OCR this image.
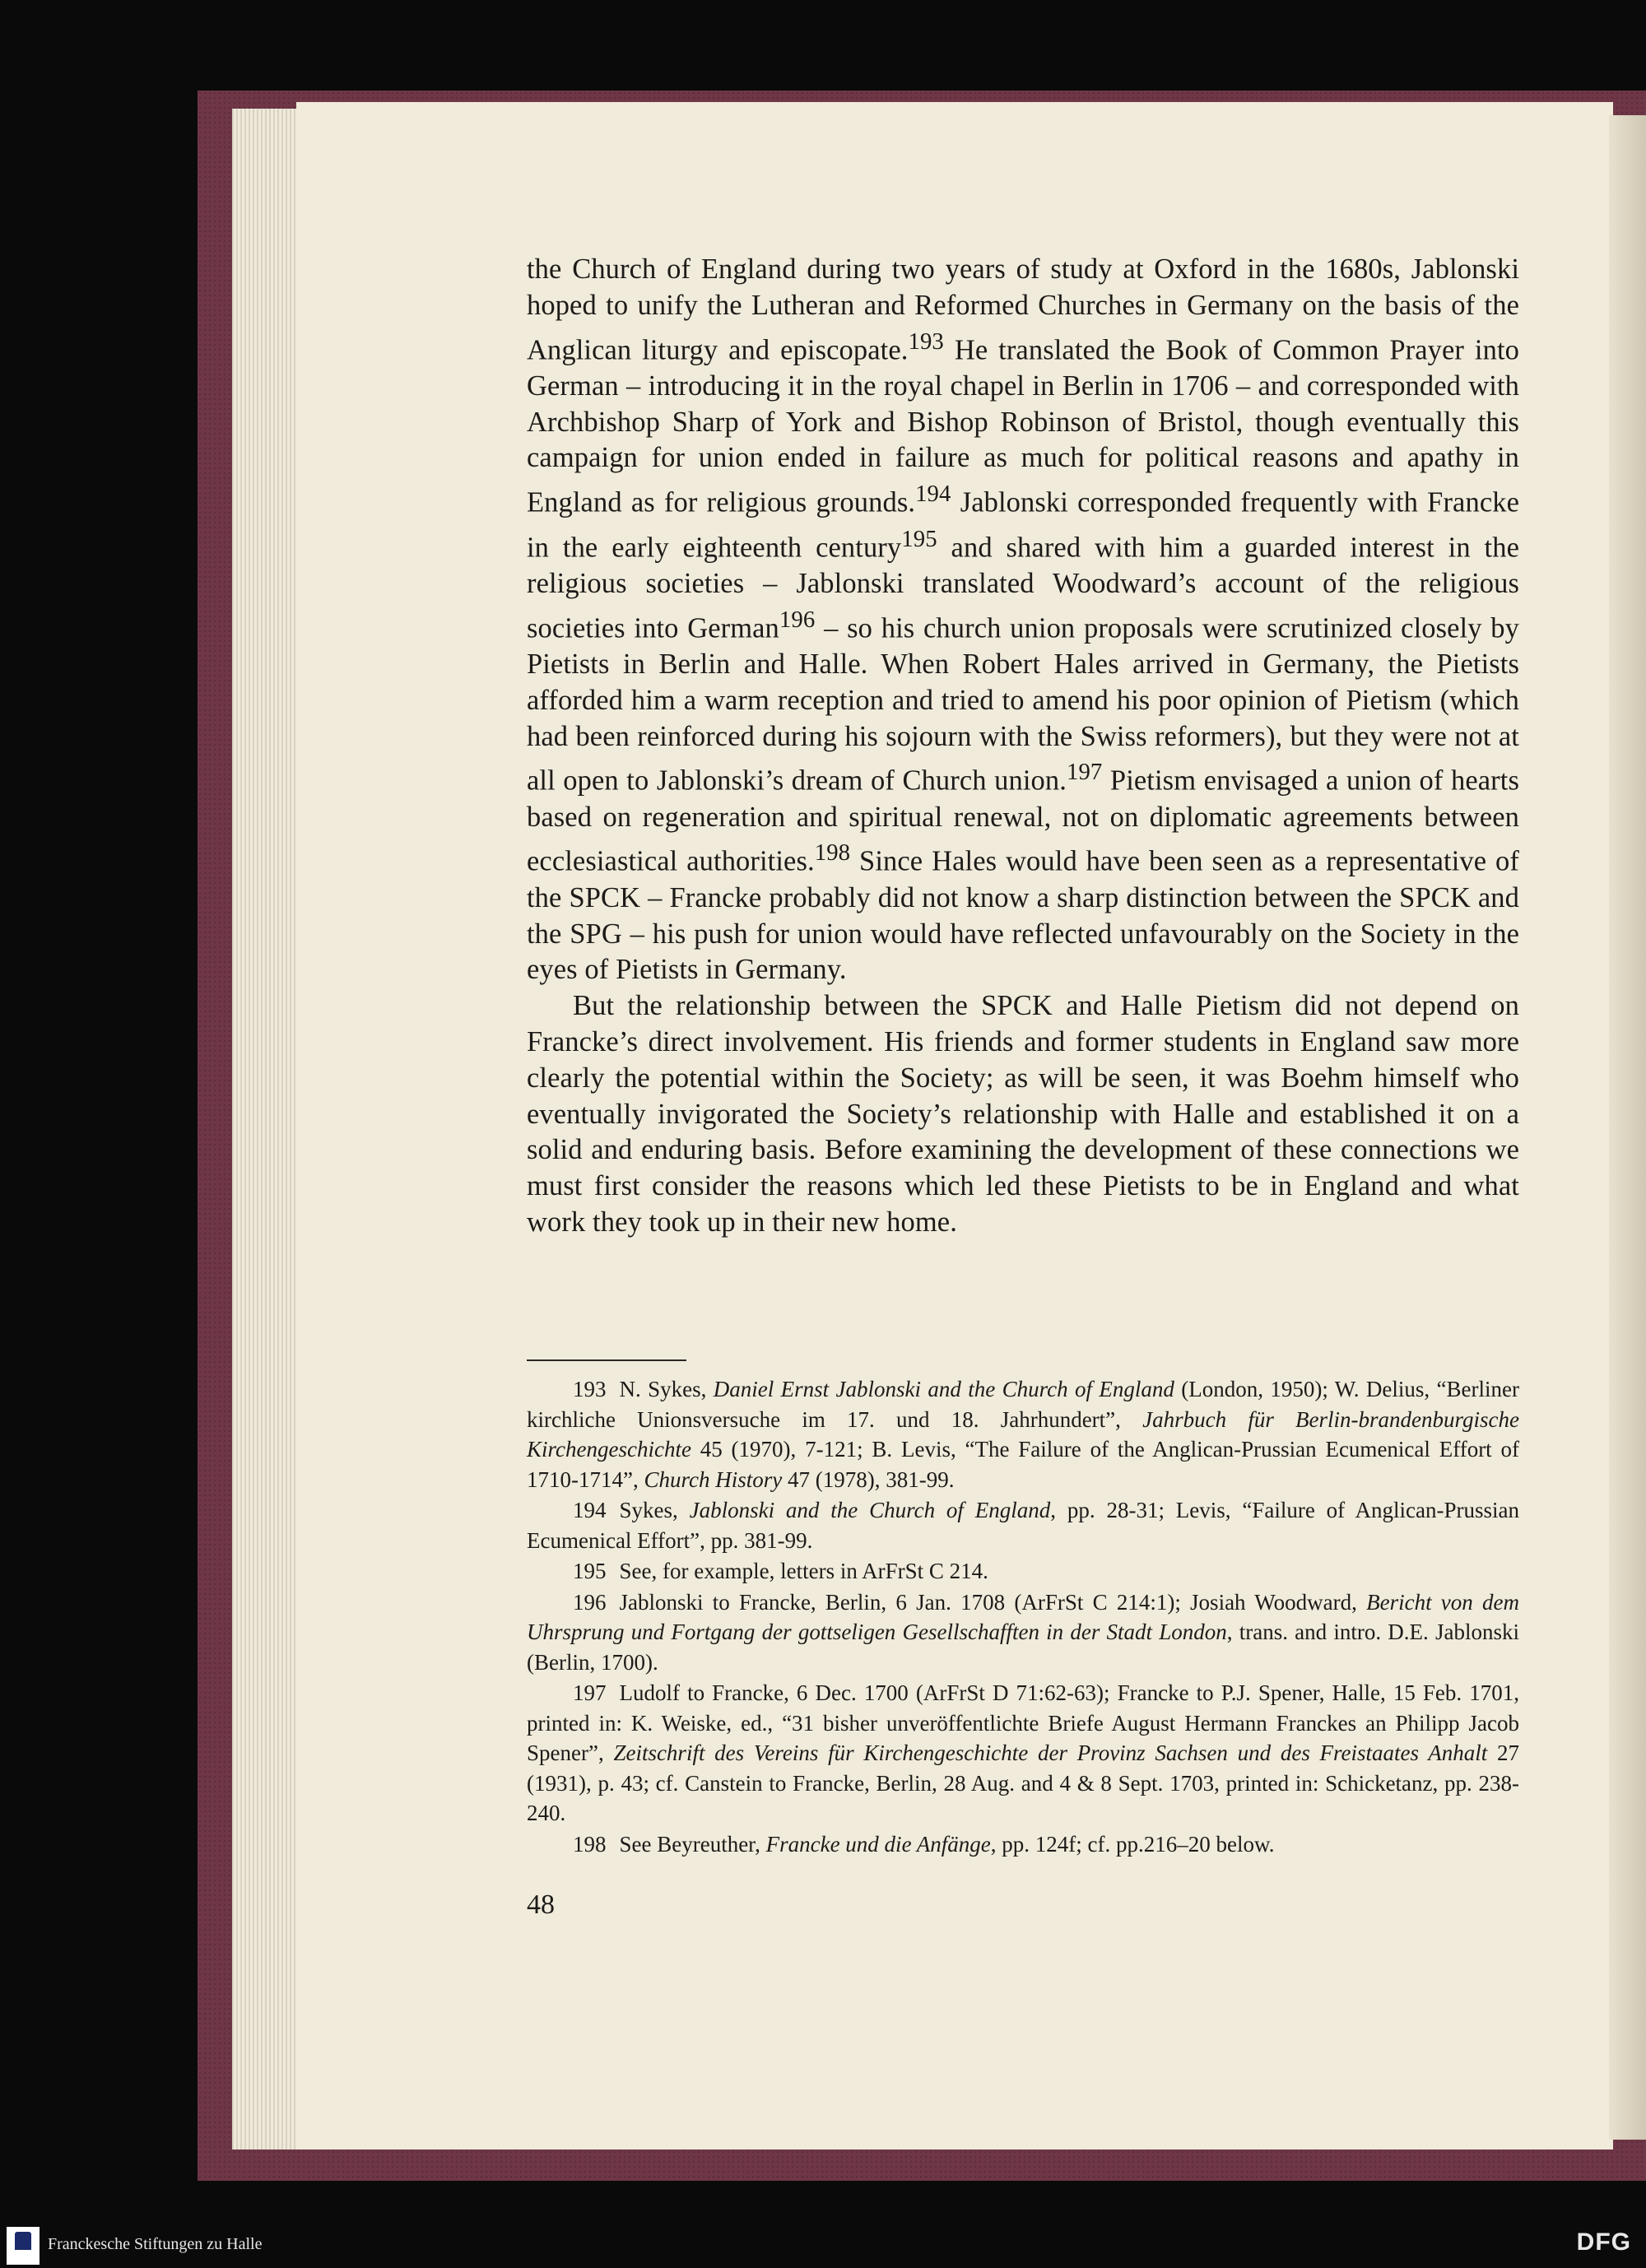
the Church of England during two years of study at Oxford in the 1680s, Jablonski hoped to unify the Lutheran and Reformed Churches in Germany on the basis of the Anglican liturgy and episcopate.$^{193}$ He translated the Book of Common Prayer into German – introducing it in the royal chapel in Berlin in 1706 – and corresponded with Archbishop Sharp of York and Bishop Robinson of Bristol, though eventually this campaign for union ended in failure as much for political reasons and apathy in England as for religious grounds.$^{194}$ Jablonski corresponded frequently with Francke in the early eighteenth century$^{195}$ and shared with him a guarded interest in the religious societies – Jablonski translated Woodward’s account of the religious societies into German$^{196}$ – so his church union proposals were scrutinized closely by Pietists in Berlin and Halle. When Robert Hales arrived in Germany, the Pietists afforded him a warm reception and tried to amend his poor opinion of Pietism (which had been reinforced during his sojourn with the Swiss reformers), but they were not at all open to Jablonski’s dream of Church union.$^{197}$ Pietism envisaged a union of hearts based on regeneration and spiritual renewal, not on diplomatic agreements between ecclesiastical authorities.$^{198}$ Since Hales would have been seen as a representative of the SPCK – Francke probably did not know a sharp distinction between the SPCK and the SPG – his push for union would have reflected unfavourably on the Society in the eyes of Pietists in Germany.

But the relationship between the SPCK and Halle Pietism did not depend on Francke’s direct involvement. His friends and former students in England saw more clearly the potential within the Society; as will be seen, it was Boehm himself who eventually invigorated the Society’s relationship with Halle and established it on a solid and enduring basis. Before examining the development of these connections we must first consider the reasons which led these Pietists to be in England and what work they took up in their new home.

193 N. Sykes, Daniel Ernst Jablonski and the Church of England (London, 1950); W. Delius, “Berliner kirchliche Unionsversuche im 17. und 18. Jahrhundert”, Jahrbuch für Berlin-brandenburgische Kirchengeschichte 45 (1970), 7-121; B. Levis, “The Failure of the Anglican-Prussian Ecumenical Effort of 1710-1714”, Church History 47 (1978), 381-99.

194 Sykes, Jablonski and the Church of England, pp. 28-31; Levis, “Failure of Anglican-Prussian Ecumenical Effort”, pp. 381-99.

195 See, for example, letters in ArFrSt C 214.

196 Jablonski to Francke, Berlin, 6 Jan. 1708 (ArFrSt C 214:1); Josiah Woodward, Bericht von dem Uhrsprung und Fortgang der gottseligen Gesellschafften in der Stadt London, trans. and intro. D.E. Jablonski (Berlin, 1700).

197 Ludolf to Francke, 6 Dec. 1700 (ArFrSt D 71:62-63); Francke to P.J. Spener, Halle, 15 Feb. 1701, printed in: K. Weiske, ed., “31 bisher unveröffentlichte Briefe August Hermann Franckes an Philipp Jacob Spener”, Zeitschrift des Vereins für Kirchengeschichte der Provinz Sachsen und des Freistaates Anhalt 27 (1931), p. 43; cf. Canstein to Francke, Berlin, 28 Aug. and 4 & 8 Sept. 1703, printed in: Schicketanz, pp. 238-240.

198 See Beyreuther, Francke und die Anfänge, pp. 124f; cf. pp.216–20 below.

48
Franckesche Stiftungen zu Halle	DFG
